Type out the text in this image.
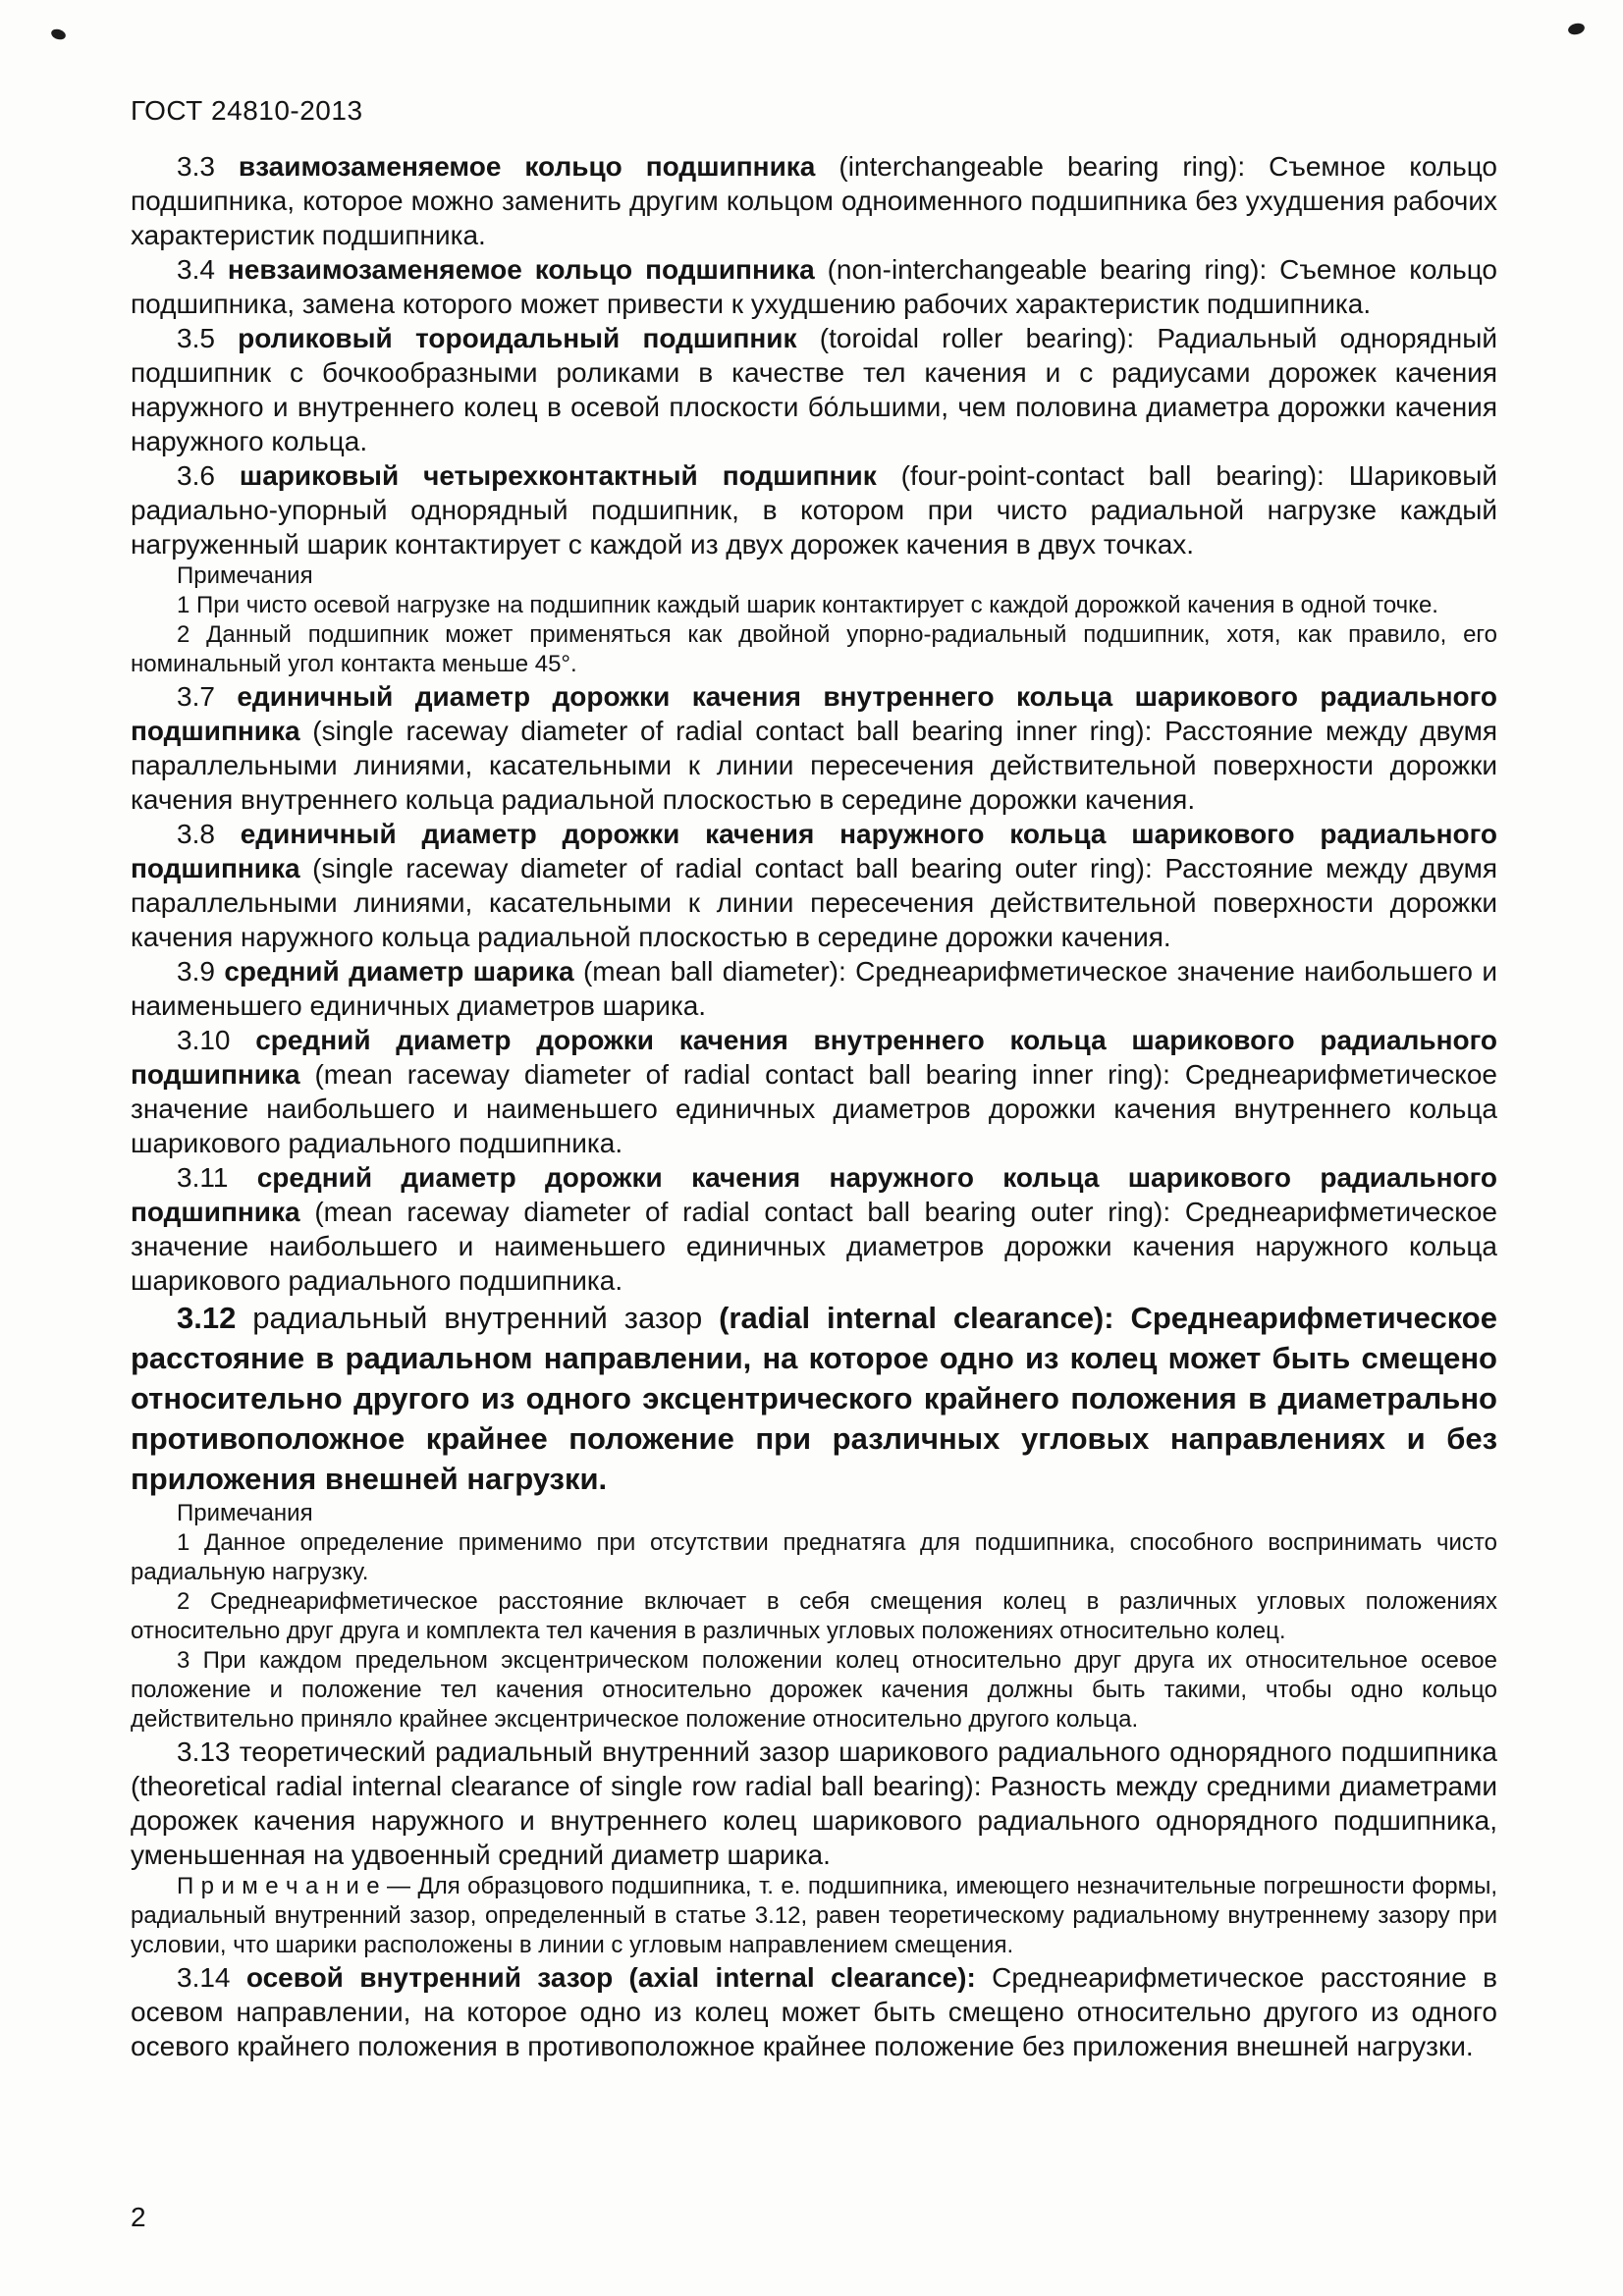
ГОСТ 24810-2013

3.3 взаимозаменяемое кольцо подшипника (interchangeable bearing ring): Съемное кольцо подшипника, которое можно заменить другим кольцом одноименного подшипника без ухудшения рабочих характеристик подшипника.

3.4 невзаимозаменяемое кольцо подшипника (non-interchangeable bearing ring): Съемное кольцо подшипника, замена которого может привести к ухудшению рабочих характеристик подшипника.

3.5 роликовый тороидальный подшипник (toroidal roller bearing): Радиальный однорядный подшипник с бочкообразными роликами в качестве тел качения и с радиусами дорожек качения наружного и внутреннего колец в осевой плоскости бо́льшими, чем половина диаметра дорожки качения наружного кольца.

3.6 шариковый четырехконтактный подшипник (four-point-contact ball bearing): Шариковый радиально-упорный однорядный подшипник, в котором при чисто радиальной нагрузке каждый нагруженный шарик контактирует с каждой из двух дорожек качения в двух точках.

Примечания

1 При чисто осевой нагрузке на подшипник каждый шарик контактирует с каждой дорожкой качения в одной точке.

2 Данный подшипник может применяться как двойной упорно-радиальный подшипник, хотя, как правило, его номинальный угол контакта меньше 45°.

3.7 единичный диаметр дорожки качения внутреннего кольца шарикового радиального подшипника (single raceway diameter of radial contact ball bearing inner ring): Расстояние между двумя параллельными линиями, касательными к линии пересечения действительной поверхности дорожки качения внутреннего кольца радиальной плоскостью в середине дорожки качения.

3.8 единичный диаметр дорожки качения наружного кольца шарикового радиального подшипника (single raceway diameter of radial contact ball bearing outer ring): Расстояние между двумя параллельными линиями, касательными к линии пересечения действительной поверхности дорожки качения наружного кольца радиальной плоскостью в середине дорожки качения.

3.9 средний диаметр шарика (mean ball diameter): Среднеарифметическое значение наибольшего и наименьшего единичных диаметров шарика.

3.10 средний диаметр дорожки качения внутреннего кольца шарикового радиального подшипника (mean raceway diameter of radial contact ball bearing inner ring): Среднеарифметическое значение наибольшего и наименьшего единичных диаметров дорожки качения внутреннего кольца шарикового радиального подшипника.

3.11 средний диаметр дорожки качения наружного кольца шарикового радиального подшипника (mean raceway diameter of radial contact ball bearing outer ring): Среднеарифметическое значение наибольшего и наименьшего единичных диаметров дорожки качения наружного кольца шарикового радиального подшипника.

3.12 радиальный внутренний зазор (radial internal clearance): Среднеарифметическое расстояние в радиальном направлении, на которое одно из колец может быть смещено относительно другого из одного эксцентрического крайнего положения в диаметрально противоположное крайнее положение при различных угловых направлениях и без приложения внешней нагрузки.

Примечания

1 Данное определение применимо при отсутствии преднатяга для подшипника, способного воспринимать чисто радиальную нагрузку.

2 Среднеарифметическое расстояние включает в себя смещения колец в различных угловых положениях относительно друг друга и комплекта тел качения в различных угловых положениях относительно колец.

3 При каждом предельном эксцентрическом положении колец относительно друг друга их относительное осевое положение и положение тел качения относительно дорожек качения должны быть такими, чтобы одно кольцо действительно приняло крайнее эксцентрическое положение относительно другого кольца.

3.13 теоретический радиальный внутренний зазор шарикового радиального однорядного подшипника (theoretical radial internal clearance of single row radial ball bearing): Разность между средними диаметрами дорожек качения наружного и внутреннего колец шарикового радиального однорядного подшипника, уменьшенная на удвоенный средний диаметр шарика.

П р и м е ч а н и е — Для образцового подшипника, т. е. подшипника, имеющего незначительные погрешности формы, радиальный внутренний зазор, определенный в статье 3.12, равен теоретическому радиальному внутреннему зазору при условии, что шарики расположены в линии с угловым направлением смещения.

3.14 осевой внутренний зазор (axial internal clearance): Среднеарифметическое расстояние в осевом направлении, на которое одно из колец может быть смещено относительно другого из одного осевого крайнего положения в противоположное крайнее положение без приложения внешней нагрузки.

2
